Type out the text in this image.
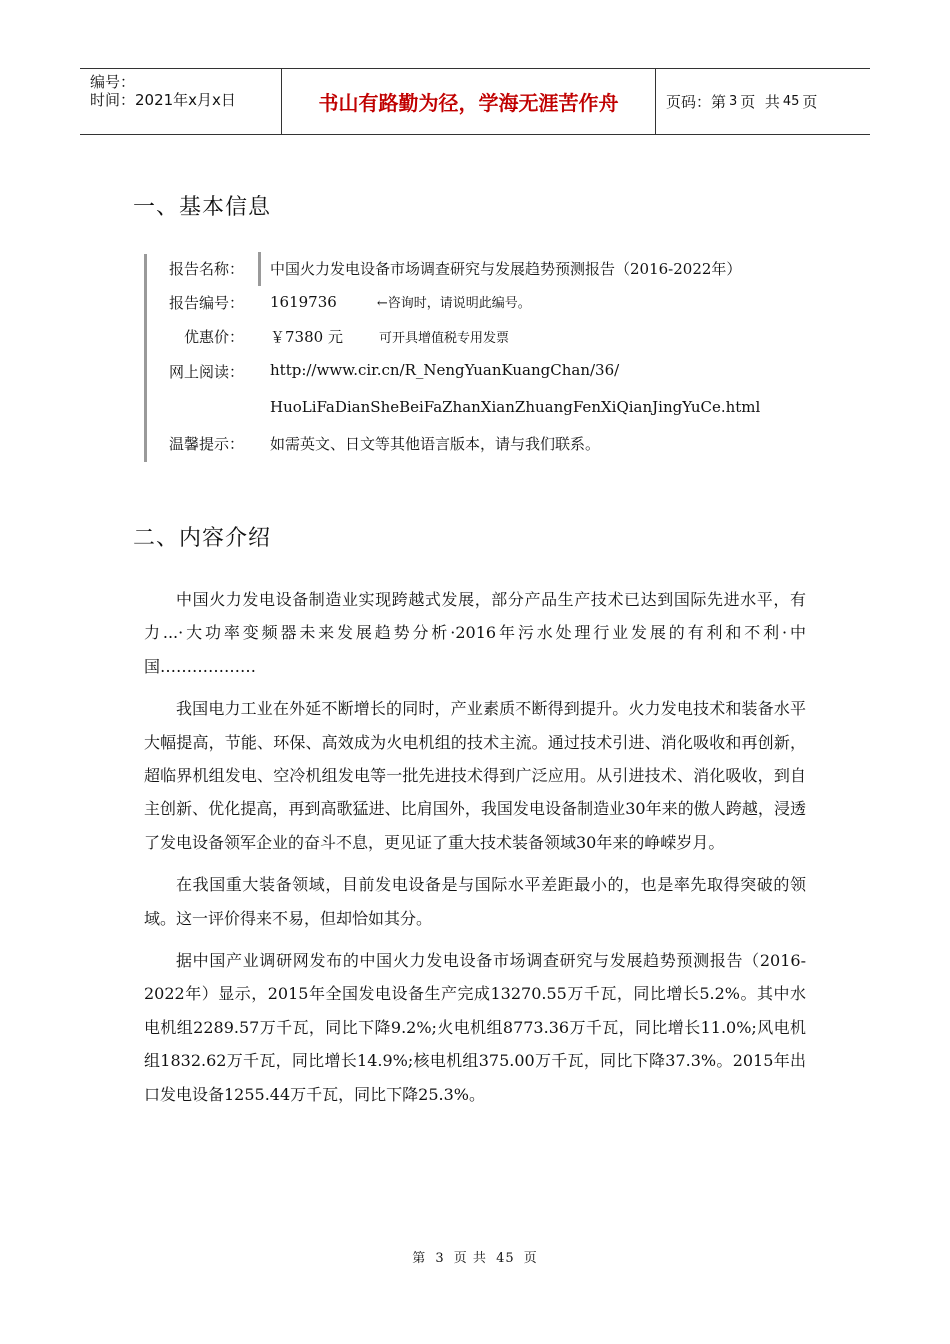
编号：
时间：2021年x月x日	书山有路勤为径，学海无涯苦作舟	页码：第 3 页  共 45 页
一、基本信息
报告名称： 中国火力发电设备市场调查研究与发展趋势预测报告（2016-2022年）
报告编号： 1619736	←咨询时，请说明此编号。
优惠价： ￥7380 元	可开具增值税专用发票
网上阅读： http://www.cir.cn/R_NengYuanKuangChan/36/
HuoLiFaDianSheBeiFaZhanXianZhuangFenXiQianJingYuCe.html
温馨提示： 如需英文、日文等其他语言版本，请与我们联系。
二、内容介绍

中国火力发电设备制造业实现跨越式发展，部分产品生产技术已达到国际先进水平，有力...·大功率变频器未来发展趋势分析·2016年污水处理行业发展的有利和不利·中国………………

我国电力工业在外延不断增长的同时，产业素质不断得到提升。火力发电技术和装备水平大幅提高，节能、环保、高效成为火电机组的技术主流。通过技术引进、消化吸收和再创新，超临界机组发电、空冷机组发电等一批先进技术得到广泛应用。从引进技术、消化吸收，到自主创新、优化提高，再到高歌猛进、比肩国外，我国发电设备制造业30年来的傲人跨越，浸透了发电设备领军企业的奋斗不息，更见证了重大技术装备领域30年来的峥嵘岁月。

在我国重大装备领域，目前发电设备是与国际水平差距最小的，也是率先取得突破的领域。这一评价得来不易，但却恰如其分。

据中国产业调研网发布的中国火力发电设备市场调查研究与发展趋势预测报告（2016-2022年）显示，2015年全国发电设备生产完成13270.55万千瓦，同比增长5.2%。其中水电机组2289.57万千瓦，同比下降9.2%;火电机组8773.36万千瓦，同比增长11.0%;风电机组1832.62万千瓦，同比增长14.9%;核电机组375.00万千瓦，同比下降37.3%。2015年出口发电设备1255.44万千瓦，同比下降25.3%。

第 3 页 共 45 页
